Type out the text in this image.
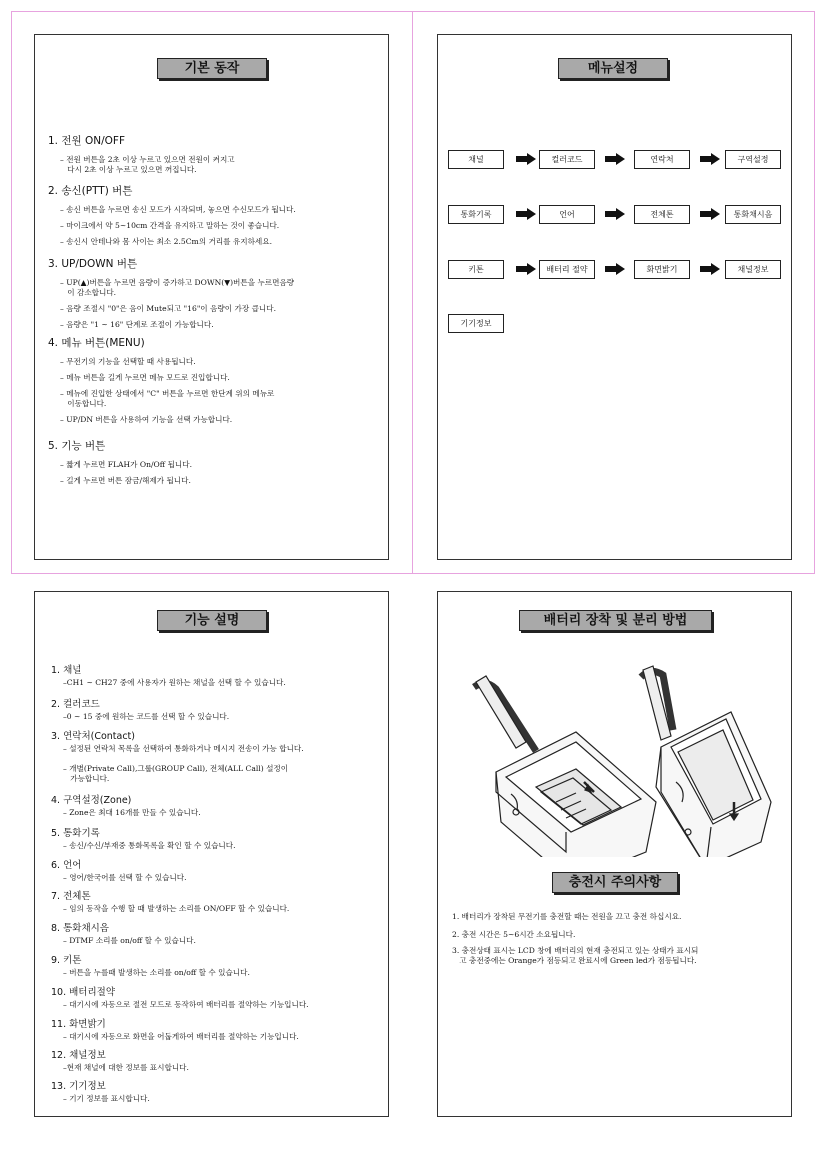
기본 동작
1. 전원 ON/OFF
– 전원 버튼을 2초 이상 누르고 있으면 전원이 켜지고
다시 2초 이상 누르고 있으면 꺼집니다.
2. 송신(PTT) 버튼
– 송신 버튼을 누르면 송신 모드가 시작되며, 놓으면 수신모드가 됩니다.
– 마이크에서 약 5~10cm 간격을 유지하고 말하는 것이 좋습니다.
– 송신시 안테나와 몸 사이는 최소 2.5Cm의 거리를 유지하세요.
3. UP/DOWN 버튼
– UP(▲)버튼을 누르면 음량이 증가하고 DOWN(▼)버튼을 누르면음량
이 감소합니다.
– 음량 조절시 "0"은 음이 Mute되고 "16"이 음량이 가장 큽니다.
– 음량은 "1 ~ 16" 단계로 조절이 가능합니다.
4. 메뉴 버튼(MENU)
– 무전기의 기능을 선택할 때 사용됩니다.
– 메뉴 버튼을 길게 누르면 메뉴 모드로 진입합니다.
– 메뉴에 진입한 상태에서 "C" 버튼을 누르면 한단계 위의 메뉴로
이동합니다.
– UP/DN 버튼을 사용하여 기능을 선택 가능합니다.
5. 기능 버튼
– 짧게 누르면 FLAH가 On/Off 됩니다.
– 길게 누르면 버튼 잠금/해제가 됩니다.
메뉴설정
채널	컬러코드	연락처	구역설정
통화기록	언어	전체톤	통화채시음
키톤	배터리 절약	화면밝기	채널정보
기기정보
기능 설명
1. 채널
–CH1 ~ CH27 중에 사용자가 원하는 채널을 선택 할 수 있습니다.
2. 컬러코드
–0 ~ 15 중에 원하는 코드를 선택 할 수 있습니다.
3. 연락처(Contact)
– 설정된 연락처 목록을 선택하여 통화하거나 메시지 전송이 가능 합니다.

– 개별(Private Call),그룹(GROUP Call), 전체(ALL Call) 설정이
가능합니다.
4. 구역설정(Zone)
– Zone은 최대 16개를 만들 수 있습니다.
5. 통화기록
– 송신/수신/부재중 통화목록을 확인 할 수 있습니다.
6. 언어
– 영어/한국어를 선택 할 수 있습니다.
7. 전체톤
– 임의 동작을 수행 할 때 발생하는 소리를 ON/OFF 할 수 있습니다.
8. 통화채시음
– DTMF 소리를 on/off 할 수 있습니다.
9. 키톤
– 버튼을 누를때 발생하는 소리를 on/off 할 수 있습니다.
10. 배터리절약
– 대기시에 자동으로 절전 모드로 동작하여 배터리를 절약하는 기능입니다.
11. 화면밝기
– 대기시에 자동으로 화면을 어둡게하여 배터리를 절약하는 기능입니다.
12. 채널정보
–현재 채널에 대한 정보를 표시합니다.
13. 기기정보
– 기기 정보를 표시합니다.
배터리 장착 및 분리 방법
충전시 주의사항
1. 배터리가 장착된 무전기를 충전할 때는 전원을 끄고 충전 하십시요.
2. 충전 시간은 5~6시간 소요됩니다.
3. 충전상태 표시는 LCD 창에 배터리의 현재 충전되고 있는 상태가 표시되
고 충전중에는 Orange가 점등되고 완료시에 Green led가 점등됩니다.
